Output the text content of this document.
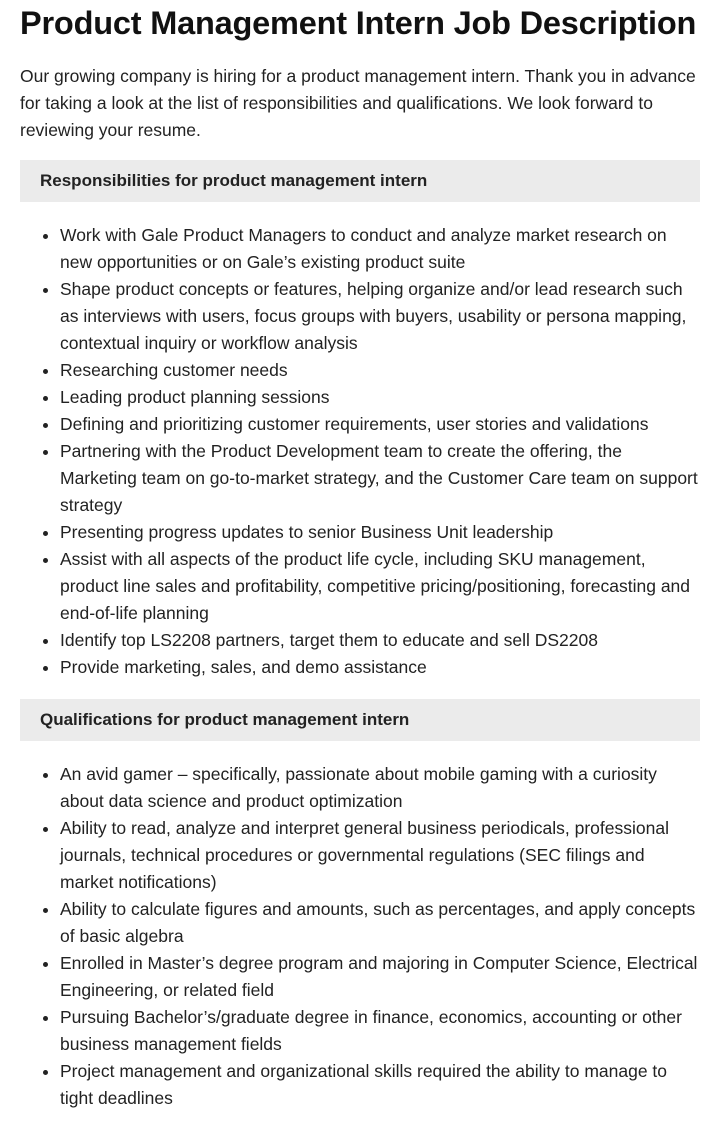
Product Management Intern Job Description

Our growing company is hiring for a product management intern. Thank you in advance for taking a look at the list of responsibilities and qualifications. We look forward to reviewing your resume.

Responsibilities for product management intern
• Work with Gale Product Managers to conduct and analyze market research on new opportunities or on Gale’s existing product suite
• Shape product concepts or features, helping organize and/or lead research such as interviews with users, focus groups with buyers, usability or persona mapping, contextual inquiry or workflow analysis
• Researching customer needs
• Leading product planning sessions
• Defining and prioritizing customer requirements, user stories and validations
• Partnering with the Product Development team to create the offering, the Marketing team on go-to-market strategy, and the Customer Care team on support strategy
• Presenting progress updates to senior Business Unit leadership
• Assist with all aspects of the product life cycle, including SKU management, product line sales and profitability, competitive pricing/positioning, forecasting and end-of-life planning
• Identify top LS2208 partners, target them to educate and sell DS2208
• Provide marketing, sales, and demo assistance
Qualifications for product management intern
• An avid gamer – specifically, passionate about mobile gaming with a curiosity about data science and product optimization
• Ability to read, analyze and interpret general business periodicals, professional journals, technical procedures or governmental regulations (SEC filings and market notifications)
• Ability to calculate figures and amounts, such as percentages, and apply concepts of basic algebra
• Enrolled in Master’s degree program and majoring in Computer Science, Electrical Engineering, or related field
• Pursuing Bachelor’s/graduate degree in finance, economics, accounting or other business management fields
• Project management and organizational skills required the ability to manage to tight deadlines
